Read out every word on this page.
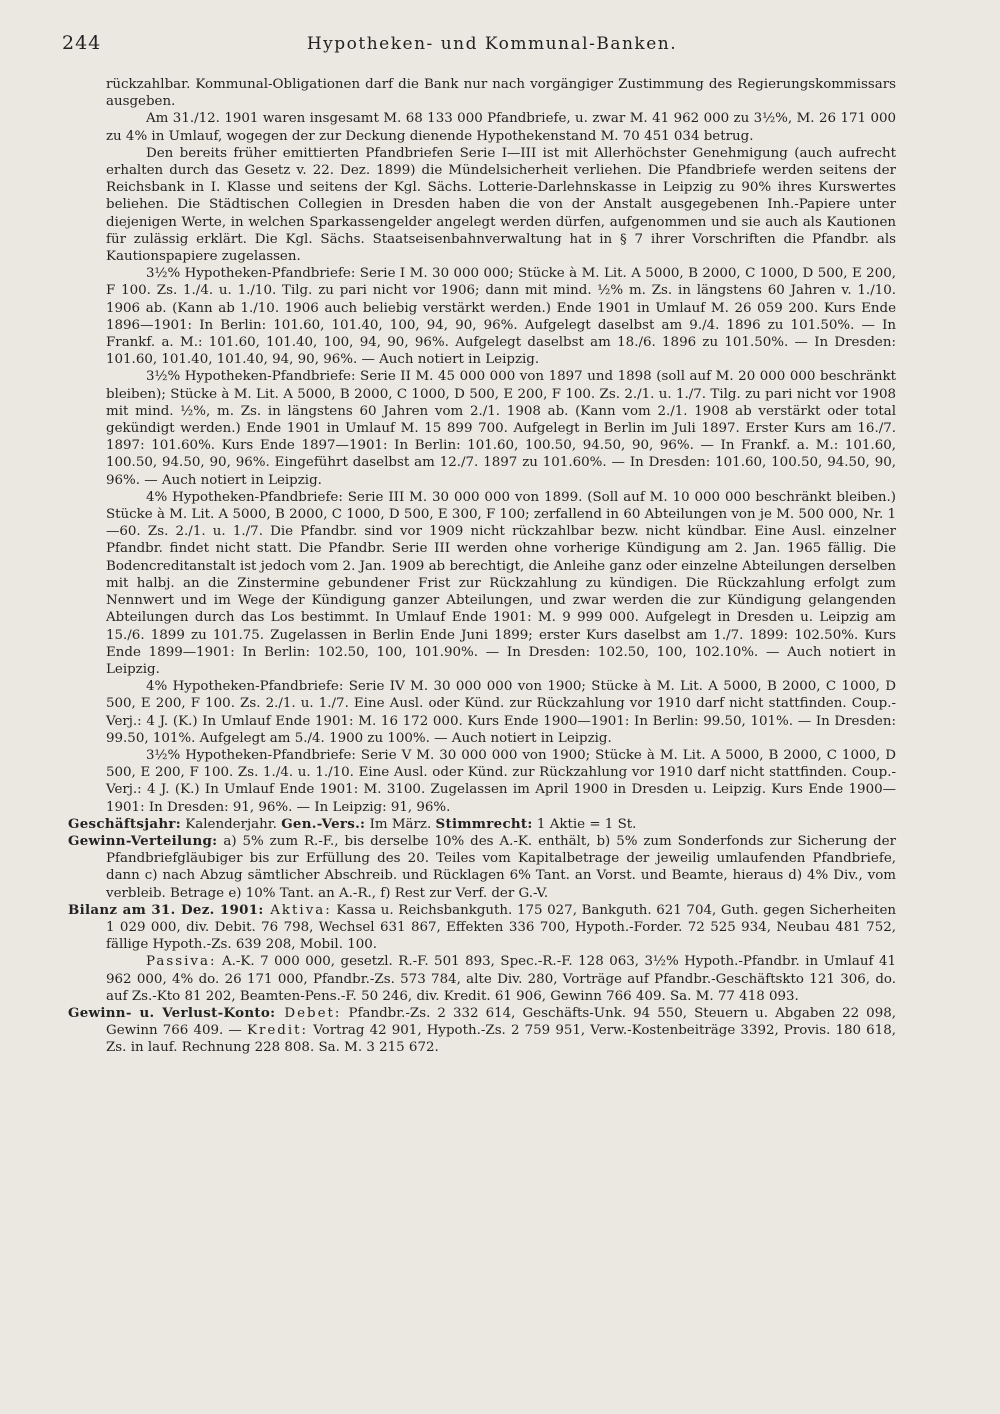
244	Hypotheken- und Kommunal-Banken.

rückzahlbar. Kommunal-Obligationen darf die Bank nur nach vorgängiger Zustimmung des Regierungskommissars ausgeben.

Am 31./12. 1901 waren insgesamt M. 68 133 000 Pfandbriefe, u. zwar M. 41 962 000 zu 3½%, M. 26 171 000 zu 4% in Umlauf, wogegen der zur Deckung dienende Hypothekenstand M. 70 451 034 betrug.

Den bereits früher emittierten Pfandbriefen Serie I—III ist mit Allerhöchster Genehmigung (auch aufrecht erhalten durch das Gesetz v. 22. Dez. 1899) die Mündelsicherheit verliehen. Die Pfandbriefe werden seitens der Reichsbank in I. Klasse und seitens der Kgl. Sächs. Lotterie-Darlehnskasse in Leipzig zu 90% ihres Kurswertes beliehen. Die Städtischen Collegien in Dresden haben die von der Anstalt ausgegebenen Inh.-Papiere unter diejenigen Werte, in welchen Sparkassengelder angelegt werden dürfen, aufgenommen und sie auch als Kautionen für zulässig erklärt. Die Kgl. Sächs. Staatseisenbahnverwaltung hat in § 7 ihrer Vorschriften die Pfandbr. als Kautionspapiere zugelassen.

3½% Hypotheken-Pfandbriefe: Serie I M. 30 000 000; Stücke à M. Lit. A 5000, B 2000, C 1000, D 500, E 200, F 100. Zs. 1./4. u. 1./10. Tilg. zu pari nicht vor 1906; dann mit mind. ½% m. Zs. in längstens 60 Jahren v. 1./10. 1906 ab. (Kann ab 1./10. 1906 auch beliebig verstärkt werden.) Ende 1901 in Umlauf M. 26 059 200. Kurs Ende 1896—1901: In Berlin: 101.60, 101.40, 100, 94, 90, 96%. Aufgelegt daselbst am 9./4. 1896 zu 101.50%. — In Frankf. a. M.: 101.60, 101.40, 100, 94, 90, 96%. Aufgelegt daselbst am 18./6. 1896 zu 101.50%. — In Dresden: 101.60, 101.40, 101.40, 94, 90, 96%. — Auch notiert in Leipzig.

3½% Hypotheken-Pfandbriefe: Serie II M. 45 000 000 von 1897 und 1898 (soll auf M. 20 000 000 beschränkt bleiben); Stücke à M. Lit. A 5000, B 2000, C 1000, D 500, E 200, F 100. Zs. 2./1. u. 1./7. Tilg. zu pari nicht vor 1908 mit mind. ½%, m. Zs. in längstens 60 Jahren vom 2./1. 1908 ab. (Kann vom 2./1. 1908 ab verstärkt oder total gekündigt werden.) Ende 1901 in Umlauf M. 15 899 700. Aufgelegt in Berlin im Juli 1897. Erster Kurs am 16./7. 1897: 101.60%. Kurs Ende 1897—1901: In Berlin: 101.60, 100.50, 94.50, 90, 96%. — In Frankf. a. M.: 101.60, 100.50, 94.50, 90, 96%. Eingeführt daselbst am 12./7. 1897 zu 101.60%. — In Dresden: 101.60, 100.50, 94.50, 90, 96%. — Auch notiert in Leipzig.

4% Hypotheken-Pfandbriefe: Serie III M. 30 000 000 von 1899. (Soll auf M. 10 000 000 beschränkt bleiben.) Stücke à M. Lit. A 5000, B 2000, C 1000, D 500, E 300, F 100; zerfallend in 60 Abteilungen von je M. 500 000, Nr. 1—60. Zs. 2./1. u. 1./7. Die Pfandbr. sind vor 1909 nicht rückzahlbar bezw. nicht kündbar. Eine Ausl. einzelner Pfandbr. findet nicht statt. Die Pfandbr. Serie III werden ohne vorherige Kündigung am 2. Jan. 1965 fällig. Die Bodencreditanstalt ist jedoch vom 2. Jan. 1909 ab berechtigt, die Anleihe ganz oder einzelne Abteilungen derselben mit halbj. an die Zinstermine gebundener Frist zur Rückzahlung zu kündigen. Die Rückzahlung erfolgt zum Nennwert und im Wege der Kündigung ganzer Abteilungen, und zwar werden die zur Kündigung gelangenden Abteilungen durch das Los bestimmt. In Umlauf Ende 1901: M. 9 999 000. Aufgelegt in Dresden u. Leipzig am 15./6. 1899 zu 101.75. Zugelassen in Berlin Ende Juni 1899; erster Kurs daselbst am 1./7. 1899: 102.50%. Kurs Ende 1899—1901: In Berlin: 102.50, 100, 101.90%. — In Dresden: 102.50, 100, 102.10%. — Auch notiert in Leipzig.

4% Hypotheken-Pfandbriefe: Serie IV M. 30 000 000 von 1900; Stücke à M. Lit. A 5000, B 2000, C 1000, D 500, E 200, F 100. Zs. 2./1. u. 1./7. Eine Ausl. oder Künd. zur Rückzahlung vor 1910 darf nicht stattfinden. Coup.-Verj.: 4 J. (K.) In Umlauf Ende 1901: M. 16 172 000. Kurs Ende 1900—1901: In Berlin: 99.50, 101%. — In Dresden: 99.50, 101%. Aufgelegt am 5./4. 1900 zu 100%. — Auch notiert in Leipzig.

3½% Hypotheken-Pfandbriefe: Serie V M. 30 000 000 von 1900; Stücke à M. Lit. A 5000, B 2000, C 1000, D 500, E 200, F 100. Zs. 1./4. u. 1./10. Eine Ausl. oder Künd. zur Rückzahlung vor 1910 darf nicht stattfinden. Coup.-Verj.: 4 J. (K.) In Umlauf Ende 1901: M. 3100. Zugelassen im April 1900 in Dresden u. Leipzig. Kurs Ende 1900—1901: In Dresden: 91, 96%. — In Leipzig: 91, 96%.

Geschäftsjahr: Kalenderjahr. Gen.-Vers.: Im März. Stimmrecht: 1 Aktie = 1 St.

Gewinn-Verteilung: a) 5% zum R.-F., bis derselbe 10% des A.-K. enthält, b) 5% zum Sonderfonds zur Sicherung der Pfandbriefgläubiger bis zur Erfüllung des 20. Teiles vom Kapitalbetrage der jeweilig umlaufenden Pfandbriefe, dann c) nach Abzug sämtlicher Abschreib. und Rücklagen 6% Tant. an Vorst. und Beamte, hieraus d) 4% Div., vom verbleib. Betrage e) 10% Tant. an A.-R., f) Rest zur Verf. der G.-V.

Bilanz am 31. Dez. 1901: Aktiva: Kassa u. Reichsbankguth. 175 027, Bankguth. 621 704, Guth. gegen Sicherheiten 1 029 000, div. Debit. 76 798, Wechsel 631 867, Effekten 336 700, Hypoth.-Forder. 72 525 934, Neubau 481 752, fällige Hypoth.-Zs. 639 208, Mobil. 100.

Passiva: A.-K. 7 000 000, gesetzl. R.-F. 501 893, Spec.-R.-F. 128 063, 3½% Hypoth.-Pfandbr. in Umlauf 41 962 000, 4% do. 26 171 000, Pfandbr.-Zs. 573 784, alte Div. 280, Vorträge auf Pfandbr.-Geschäftskto 121 306, do. auf Zs.-Kto 81 202, Beamten-Pens.-F. 50 246, div. Kredit. 61 906, Gewinn 766 409. Sa. M. 77 418 093.

Gewinn- u. Verlust-Konto: Debet: Pfandbr.-Zs. 2 332 614, Geschäfts-Unk. 94 550, Steuern u. Abgaben 22 098, Gewinn 766 409. — Kredit: Vortrag 42 901, Hypoth.-Zs. 2 759 951, Verw.-Kostenbeiträge 3392, Provis. 180 618, Zs. in lauf. Rechnung 228 808. Sa. M. 3 215 672.
